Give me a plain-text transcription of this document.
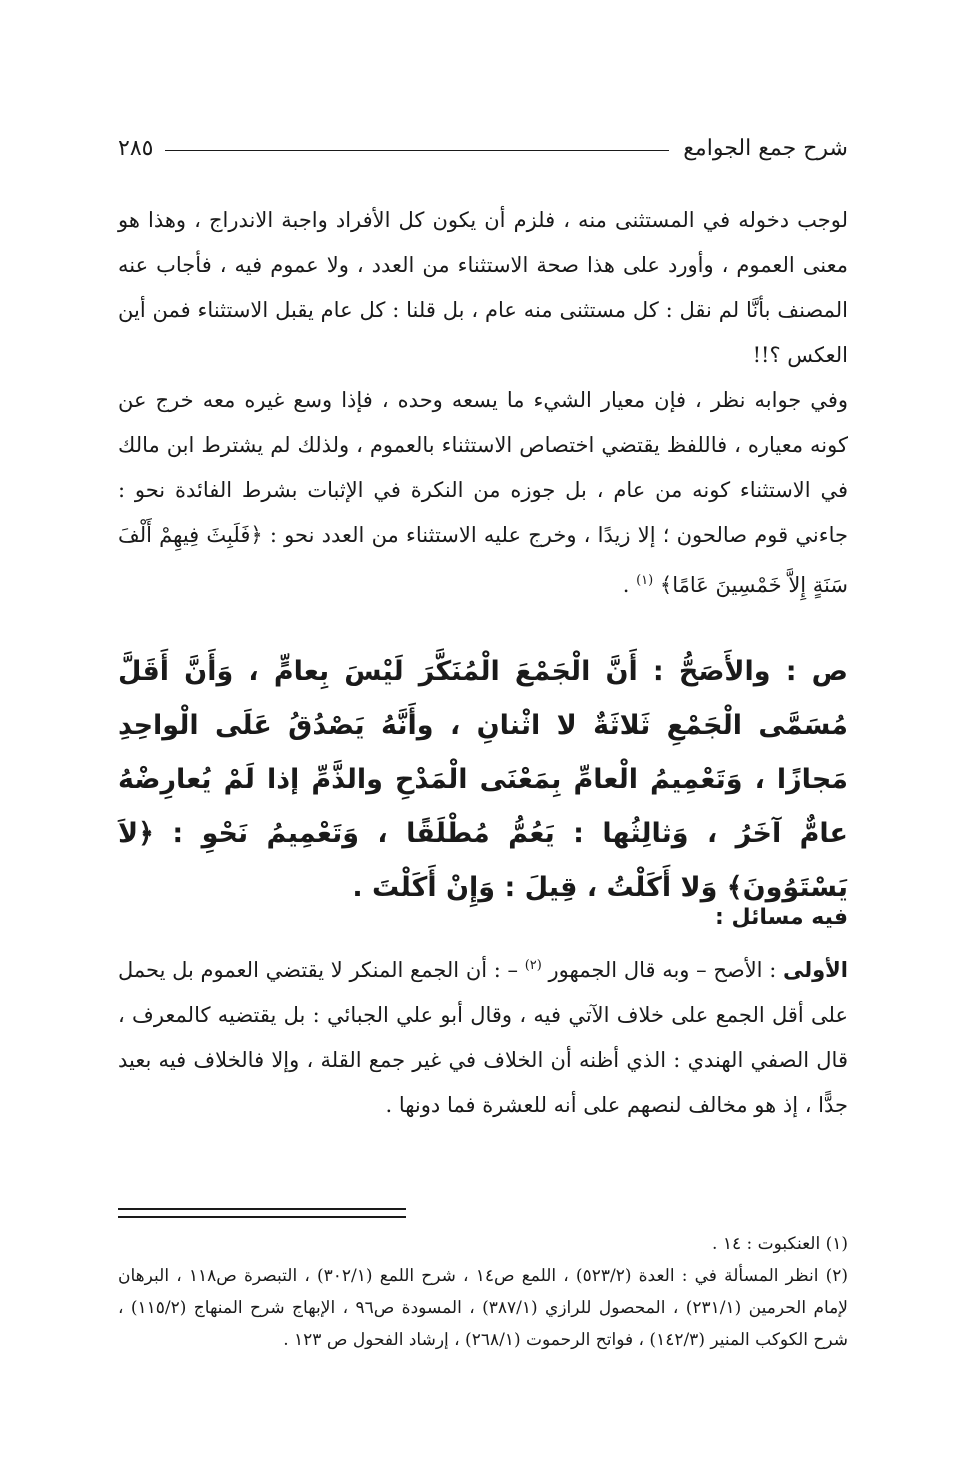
شرح جمع الجوامع
٢٨٥

لوجب دخوله في المستثنى منه ، فلزم أن يكون كل الأفراد واجبة الاندراج ، وهذا هو معنى العموم ، وأورد على هذا صحة الاستثناء من العدد ، ولا عموم فيه ، فأجاب عنه المصنف بأنَّا لم نقل : كل مستثنى منه عام ، بل قلنا : كل عام يقبل الاستثناء فمن أين العكس ؟!!

وفي جوابه نظر ، فإن معيار الشيء ما يسعه وحده ، فإذا وسع غيره معه خرج عن كونه معياره ، فاللفظ يقتضي اختصاص الاستثناء بالعموم ، ولذلك لم يشترط ابن مالك في الاستثناء كونه من عام ، بل جوزه من النكرة في الإثبات بشرط الفائدة نحو : جاءني قوم صالحون ؛ إلا زيدًا ، وخرج عليه الاستثناء من العدد نحو : ﴿فَلَبِثَ فِيهِمْ أَلْفَ سَنَةٍ إِلاَّ خَمْسِينَ عَامًا﴾ $^{(١)}$ .

ص : والأَصَحُّ : أَنَّ الْجَمْعَ الْمُنَكَّرَ لَيْسَ بِعامٍّ ، وَأَنَّ أَقَلَّ مُسَمَّى الْجَمْعِ ثَلاثَةٌ لا اثْنانِ ، وأَنَّهُ يَصْدُقُ عَلَى الْواحِدِ مَجازًا ، وَتَعْمِيمُ الْعامِّ بِمَعْنَى الْمَدْحِ والذَّمِّ إذا لَمْ يُعارِضْهُ عامٌّ آخَرُ ، وَثالِثُها : يَعُمُّ مُطْلَقًا ، وَتَعْمِيمُ نَحْوِ : ﴿لاَ يَسْتَوُونَ﴾ وَلا أَكَلْتُ ، قِيلَ : وَإِنْ أَكَلْتَ .

فيه مسائل :

الأولى : الأصح – وبه قال الجمهور $^{(٢)}$ – : أن الجمع المنكر لا يقتضي العموم بل يحمل على أقل الجمع على خلاف الآتي فيه ، وقال أبو علي الجبائي : بل يقتضيه كالمعرف ، قال الصفي الهندي : الذي أظنه أن الخلاف في غير جمع القلة ، وإلا فالخلاف فيه بعيد جدًّا ، إذ هو مخالف لنصهم على أنه للعشرة فما دونها .

(١) العنكبوت : ١٤ .

(٢) انظر المسألة في : العدة (٥٢٣/٢) ، اللمع ص١٤ ، شرح اللمع (٣٠٢/١) ، التبصرة ص١١٨ ، البرهان لإمام الحرمين (٢٣١/١) ، المحصول للرازي (٣٨٧/١) ، المسودة ص٩٦ ، الإبهاج شرح المنهاج (١١٥/٢) ، شرح الكوكب المنير (١٤٢/٣) ، فواتح الرحموت (٢٦٨/١) ، إرشاد الفحول ص ١٢٣ .
